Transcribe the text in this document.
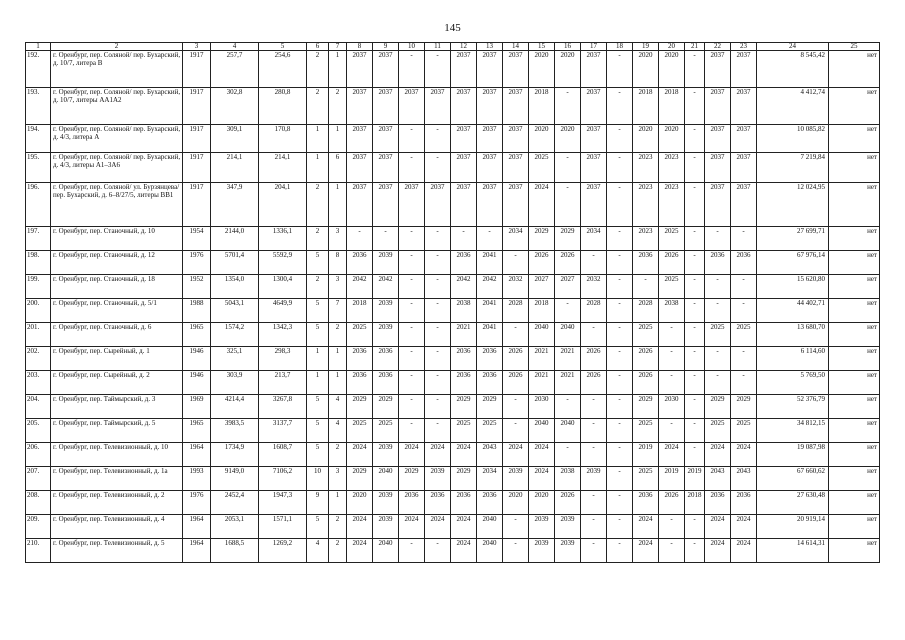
145
1	2	3	4	5	6	7	8	9	10	11	12	13	14	15	16	17	18	19	20	21	22	23	24	25
192.	г. Оренбург, пер. Соляной/ пер. Бухарский, д. 10/7, литера В	1917	257,7	254,6	2	1	2037	2037	-	-	2037	2037	2037	2020	2020	2037	-	2020	2020	-	2037	2037	8 545,42	нет
193.	г. Оренбург, пер. Соляной/ пер. Бухарский, д. 10/7, литеры АА1А2	1917	302,8	280,8	2	2	2037	2037	2037	2037	2037	2037	2037	2018	-	2037	-	2018	2018	-	2037	2037	4 412,74	нет
194.	г. Оренбург, пер. Соляной/ пер. Бухарский, д. 4/3, литера А	1917	309,1	170,8	1	1	2037	2037	-	-	2037	2037	2037	2020	2020	2037	-	2020	2020	-	2037	2037	10 085,82	нет
195.	г. Оренбург, пер. Соляной/ пер. Бухарский, д. 4/3, литеры А1–3А6	1917	214,1	214,1	1	6	2037	2037	-	-	2037	2037	2037	2025	-	2037	-	2023	2023	-	2037	2037	7 219,84	нет
196.	г. Оренбург, пер. Соляной/ ул. Бурзянцева/ пер. Бухарский, д. 6–8/27/5, литеры ВВ1	1917	347,9	204,1	2	1	2037	2037	2037	2037	2037	2037	2037	2024	-	2037	-	2023	2023	-	2037	2037	12 024,95	нет
197.	г. Оренбург, пер. Станочный, д. 10	1954	2144,0	1336,1	2	3	-	-	-	-	-	-	2034	2029	2029	2034	-	2023	2025	-	-	-	27 699,71	нет
198.	г. Оренбург, пер. Станочный, д. 12	1976	5701,4	5592,9	5	8	2036	2039	-	-	2036	2041	-	2026	2026	-	-	2036	2026	-	2036	2036	67 976,14	нет
199.	г. Оренбург, пер. Станочный, д. 18	1952	1354,0	1300,4	2	3	2042	2042	-	-	2042	2042	2032	2027	2027	2032	-	-	2025	-	-	-	15 620,80	нет
200.	г. Оренбург, пер. Станочный, д. 5/1	1988	5043,1	4649,9	5	7	2018	2039	-	-	2038	2041	2028	2018	-	2028	-	2028	2038	-	-	-	44 402,71	нет
201.	г. Оренбург, пер. Станочный, д. 6	1965	1574,2	1342,3	5	2	2025	2039	-	-	2021	2041	-	2040	2040	-	-	2025	-	-	2025	2025	13 680,70	нет
202.	г. Оренбург, пер. Сырейный, д. 1	1946	325,1	298,3	1	1	2036	2036	-	-	2036	2036	2026	2021	2021	2026	-	2026	-	-	-	-	6 114,60	нет
203.	г. Оренбург, пер. Сырейный, д. 2	1946	303,9	213,7	1	1	2036	2036	-	-	2036	2036	2026	2021	2021	2026	-	2026	-	-	-	-	5 769,50	нет
204.	г. Оренбург, пер. Таймырский, д. 3	1969	4214,4	3267,8	5	4	2029	2029	-	-	2029	2029	-	2030	-	-	-	2029	2030	-	2029	2029	52 376,79	нет
205.	г. Оренбург, пер. Таймырский, д. 5	1965	3983,5	3137,7	5	4	2025	2025	-	-	2025	2025	-	2040	2040	-	-	2025	-	-	2025	2025	34 812,15	нет
206.	г. Оренбург, пер. Телевизионный, д. 10	1964	1734,9	1608,7	5	2	2024	2039	2024	2024	2024	2043	2024	2024	-	-	-	2019	2024	-	2024	2024	19 087,98	нет
207.	г. Оренбург, пер. Телевизионный, д. 1а	1993	9149,0	7106,2	10	3	2029	2040	2029	2039	2029	2034	2039	2024	2038	2039	-	2025	2019	2019	2043	2043	67 660,62	нет
208.	г. Оренбург, пер. Телевизионный, д. 2	1976	2452,4	1947,3	9	1	2020	2039	2036	2036	2036	2036	2020	2020	2026	-	-	2036	2026	2018	2036	2036	27 630,48	нет
209.	г. Оренбург, пер. Телевизионный, д. 4	1964	2053,1	1571,1	5	2	2024	2039	2024	2024	2024	2040	-	2039	2039	-	-	2024	-	-	2024	2024	20 919,14	нет
210.	г. Оренбург, пер. Телевизионный, д. 5	1964	1688,5	1269,2	4	2	2024	2040	-	-	2024	2040	-	2039	2039	-	-	2024	-	-	2024	2024	14 614,31	нет
